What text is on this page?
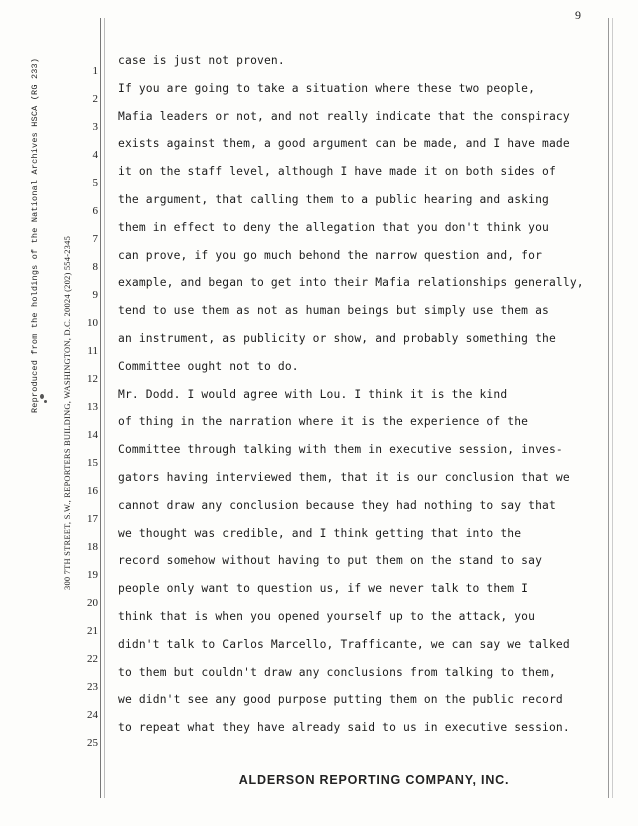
9
Reproduced from the holdings of the National Archives HSCA (RG 233)	300 7TH STREET, S.W., REPORTERS BUILDING, WASHINGTON, D.C. 20024 (202) 554-2345
1
2
3
4
5
6
7
8
9
10
11
12
13
14
15
16
17
18
19
20
21
22
23
24
25
case is just not proven.
If you are going to take a situation where these two people,
Mafia leaders or not, and not really indicate that the conspiracy
exists against them, a good argument can be made, and I have made
it on the staff level, although I have made it on both sides of
the argument, that calling them to a public hearing and asking
them in effect to deny the allegation that you don't think you
can prove, if you go much behond the narrow question and, for
example, and began to get into their Mafia relationships generally,
tend to use them as not as human beings but simply use them as
an instrument, as publicity or show, and probably something the
Committee ought not to do.
Mr. Dodd. I would agree with Lou. I think it is the kind
of thing in the narration where it is the experience of the
Committee through talking with them in executive session, inves-
gators having interviewed them, that it is our conclusion that we
cannot draw any conclusion because they had nothing to say that
we thought was credible, and I think getting that into the
record somehow without having to put them on the stand to say
people only want to question us, if we never talk to them I
think that is when you opened yourself up to the attack, you
didn't talk to Carlos Marcello, Trafficante, we can say we talked
to them but couldn't draw any conclusions from talking to them,
we didn't see any good purpose putting them on the public record
to repeat what they have already said to us in executive session.
ALDERSON REPORTING COMPANY, INC.
